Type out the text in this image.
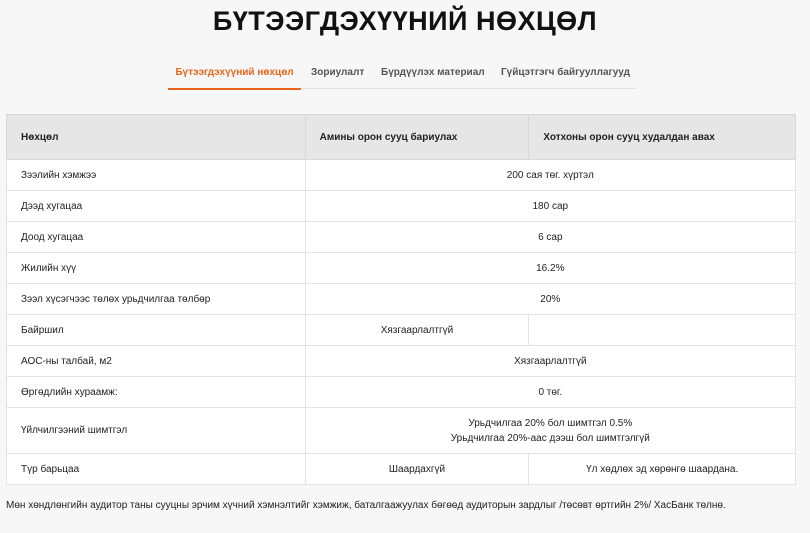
БҮТЭЭГДЭХҮҮНИЙ НӨХЦӨЛ
Бүтээгдэхүүний нөхцөл	Зориулалт Бүрдүүлэх материал Гүйцэтгэгч байгууллагууд
Нөхцөл	Амины орон сууц бариулах	Хотхоны орон сууц худалдан авах
Зээлийн хэмжээ	200 сая төг. хүртэл	
Дээд хугацаа	180 сар	
Доод хугацаа	6 сар	
Жилийн хүү	16.2%	
Зээл хүсэгчээс төлөх урьдчилгаа төлбөр	20%	
Байршил	Хязгаарлалтгүй	
АОС-ны талбай, м2	Хязгаарлалтгүй	
Өргөдлийн хураамж:	0 төг.	
Үйлчилгээний шимтгэл	Урьдчилгаа 20% бол шимтгэл 0.5%
Урьдчилгаа 20%-аас дээш бол шимтгэлгүй	

Түр барьцаа	Шаардахгүй	Үл хөдлөх эд хөрөнгө шаардана.
Мөн хөндлөнгийн аудитор таны сууцны эрчим хүчний хэмнэлтийг хэмжиж, баталгаажуулах бөгөөд аудиторын зардлыг /төсөвт өртгийн 2%/ ХасБанк төлнө.
